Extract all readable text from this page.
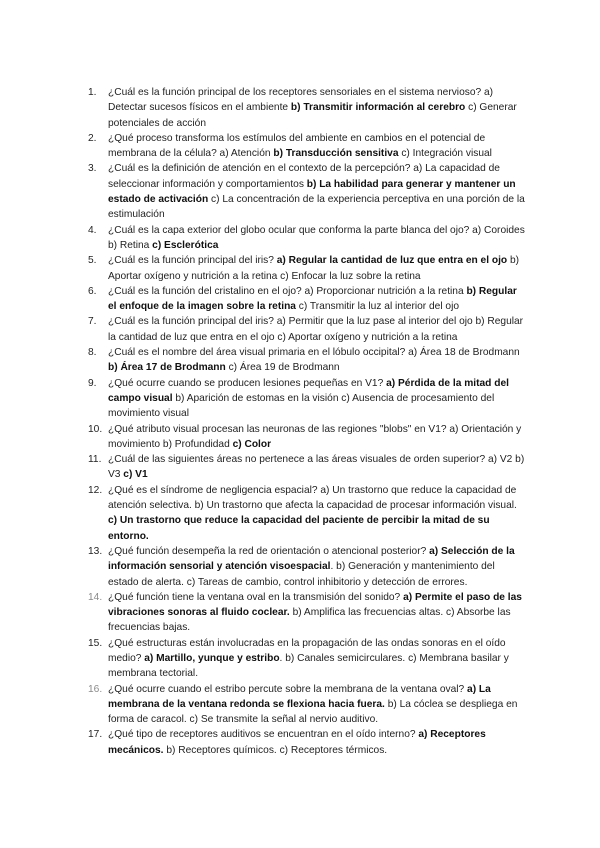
1. ¿Cuál es la función principal de los receptores sensoriales en el sistema nervioso? a) Detectar sucesos físicos en el ambiente b) Transmitir información al cerebro c) Generar potenciales de acción
2. ¿Qué proceso transforma los estímulos del ambiente en cambios en el potencial de membrana de la célula? a) Atención b) Transducción sensitiva c) Integración visual
3. ¿Cuál es la definición de atención en el contexto de la percepción? a) La capacidad de seleccionar información y comportamientos b) La habilidad para generar y mantener un estado de activación c) La concentración de la experiencia perceptiva en una porción de la estimulación
4. ¿Cuál es la capa exterior del globo ocular que conforma la parte blanca del ojo? a) Coroides b) Retina c) Esclerótica
5. ¿Cuál es la función principal del iris? a) Regular la cantidad de luz que entra en el ojo b) Aportar oxígeno y nutrición a la retina c) Enfocar la luz sobre la retina
6. ¿Cuál es la función del cristalino en el ojo? a) Proporcionar nutrición a la retina b) Regular el enfoque de la imagen sobre la retina c) Transmitir la luz al interior del ojo
7. ¿Cuál es la función principal del iris? a) Permitir que la luz pase al interior del ojo b) Regular la cantidad de luz que entra en el ojo c) Aportar oxígeno y nutrición a la retina
8. ¿Cuál es el nombre del área visual primaria en el lóbulo occipital? a) Área 18 de Brodmann b) Área 17 de Brodmann c) Área 19 de Brodmann
9. ¿Qué ocurre cuando se producen lesiones pequeñas en V1? a) Pérdida de la mitad del campo visual b) Aparición de estomas en la visión c) Ausencia de procesamiento del movimiento visual
10. ¿Qué atributo visual procesan las neuronas de las regiones "blobs" en V1? a) Orientación y movimiento b) Profundidad c) Color
11. ¿Cuál de las siguientes áreas no pertenece a las áreas visuales de orden superior? a) V2 b) V3 c) V1
12. ¿Qué es el síndrome de negligencia espacial? a) Un trastorno que reduce la capacidad de atención selectiva. b) Un trastorno que afecta la capacidad de procesar información visual. c) Un trastorno que reduce la capacidad del paciente de percibir la mitad de su entorno.
13. ¿Qué función desempeña la red de orientación o atencional posterior? a) Selección de la información sensorial y atención visoespacial. b) Generación y mantenimiento del estado de alerta. c) Tareas de cambio, control inhibitorio y detección de errores.
14. ¿Qué función tiene la ventana oval en la transmisión del sonido? a) Permite el paso de las vibraciones sonoras al fluido coclear. b) Amplifica las frecuencias altas. c) Absorbe las frecuencias bajas.
15. ¿Qué estructuras están involucradas en la propagación de las ondas sonoras en el oído medio? a) Martillo, yunque y estribo. b) Canales semicirculares. c) Membrana basilar y membrana tectorial.
16. ¿Qué ocurre cuando el estribo percute sobre la membrana de la ventana oval? a) La membrana de la ventana redonda se flexiona hacia fuera. b) La cóclea se despliega en forma de caracol. c) Se transmite la señal al nervio auditivo.
17. ¿Qué tipo de receptores auditivos se encuentran en el oído interno? a) Receptores mecánicos. b) Receptores químicos. c) Receptores térmicos.
